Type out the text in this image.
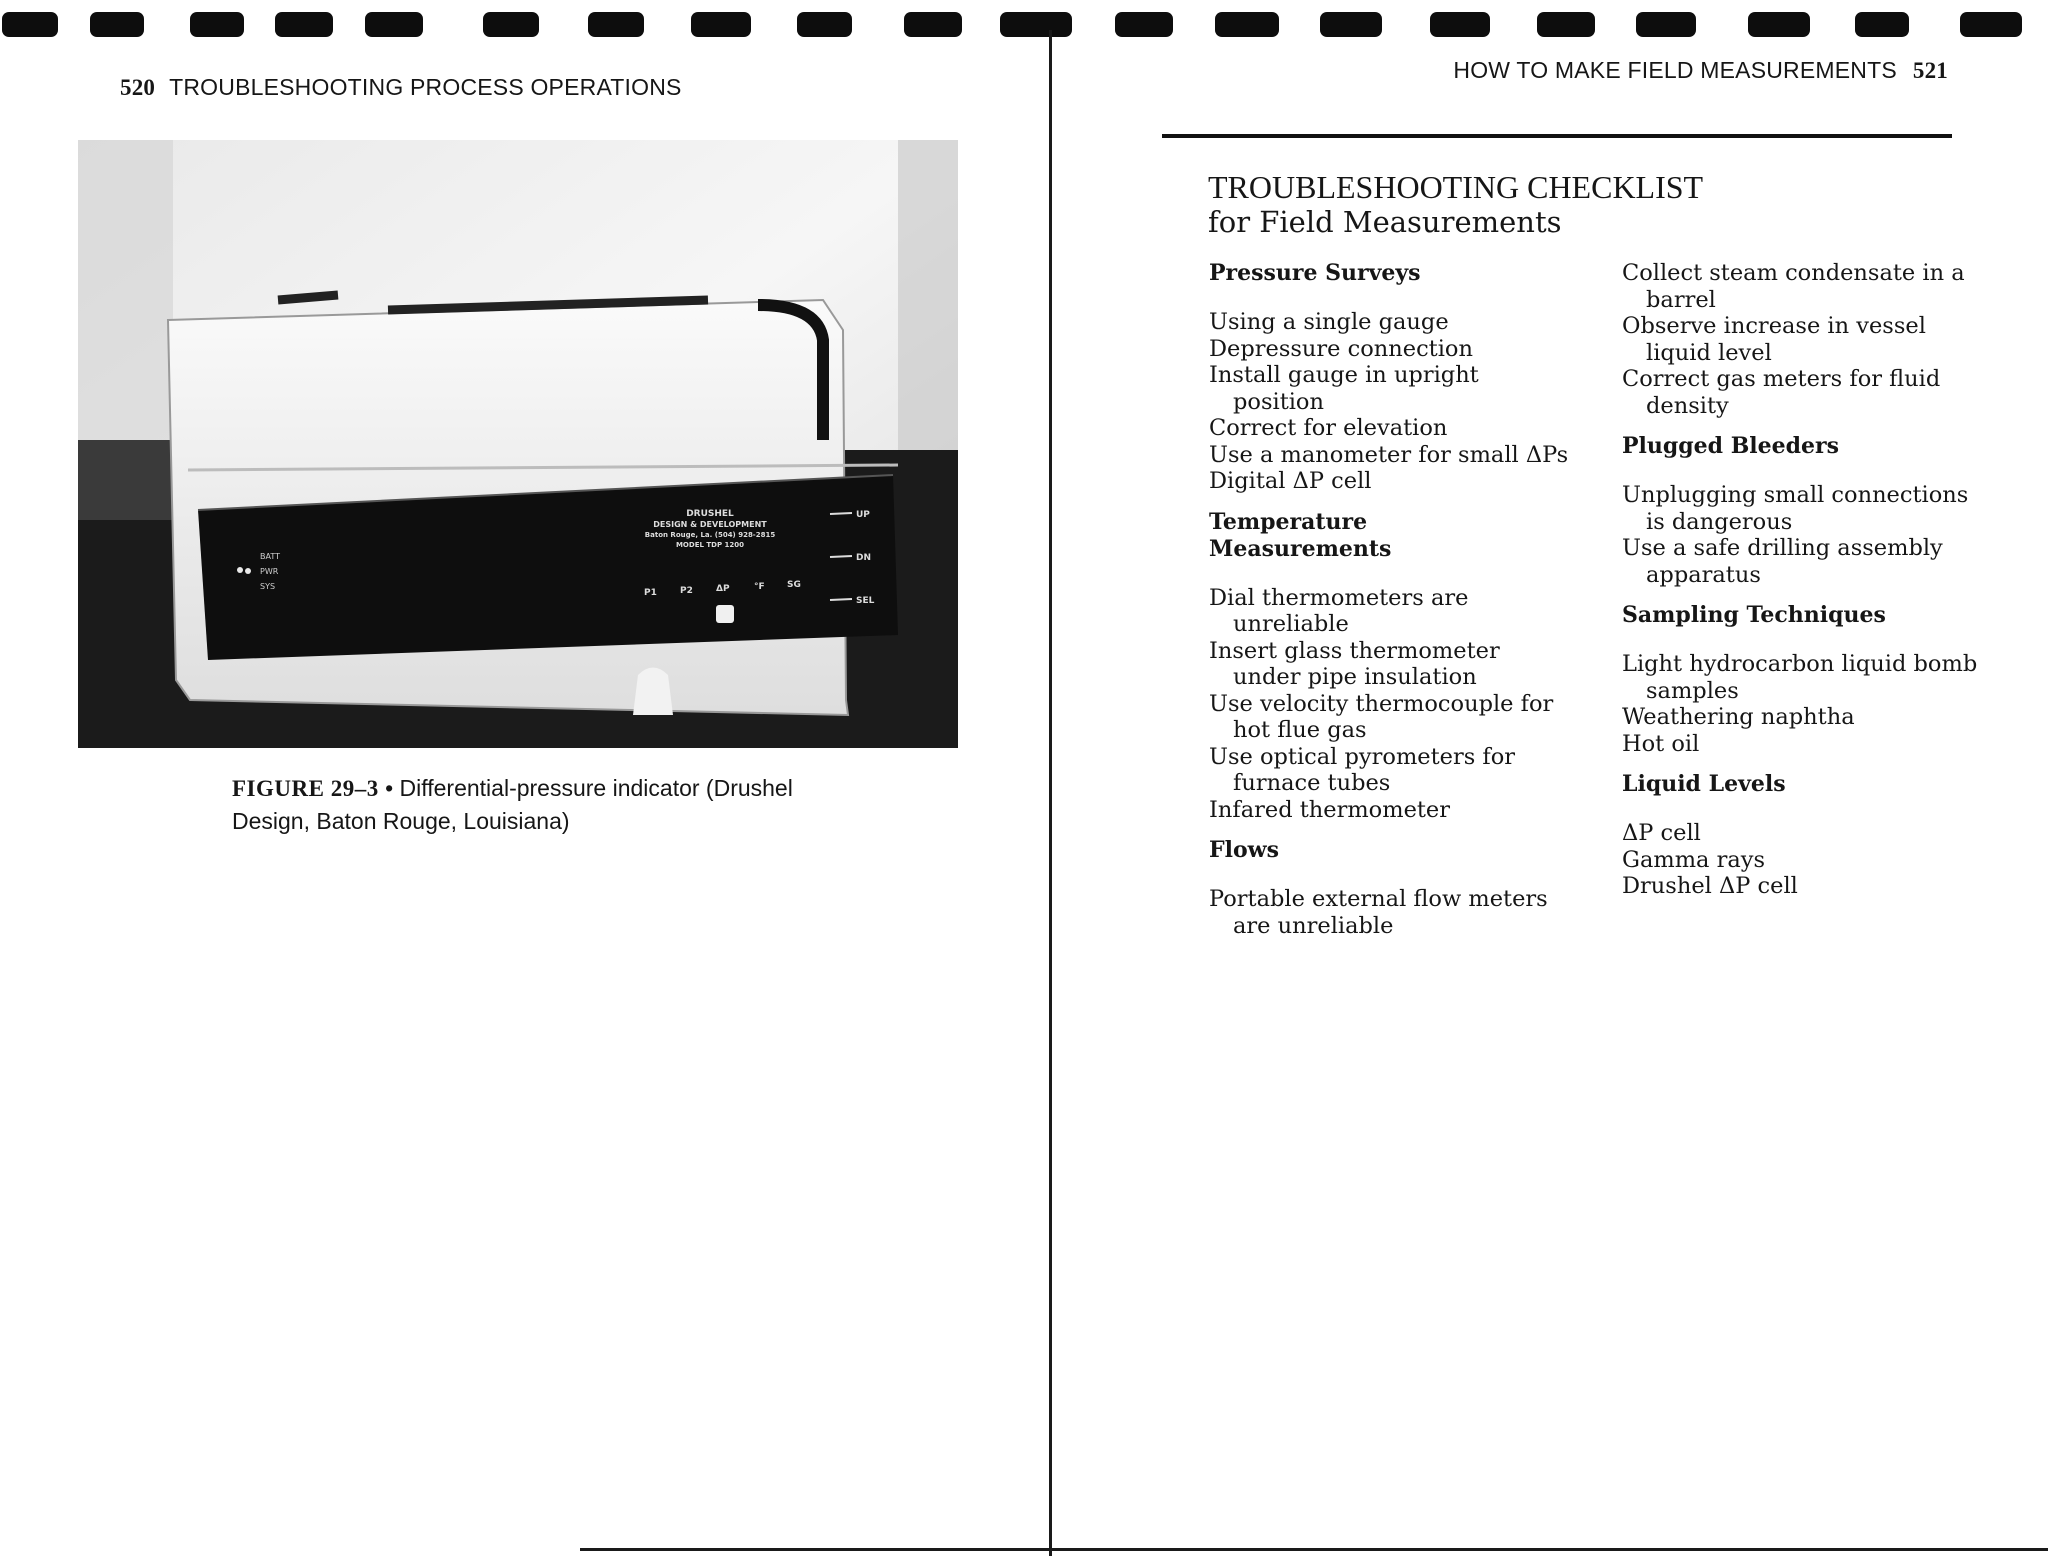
520 TROUBLESHOOTING PROCESS OPERATIONS
DRUSHEL
DESIGN & DEVELOPMENT
Baton Rouge, La. (504) 928-2815
MODEL TDP 1200
BATT
PWR
SYS
P1	P2	ΔP	°F SG
UP
DN
SEL
FIGURE 29–3 • Differential-pressure indicator (Drushel Design, Baton Rouge, Louisiana)
HOW TO MAKE FIELD MEASUREMENTS 521
TROUBLESHOOTING CHECKLIST
for Field Measurements
Pressure Surveys
Using a single gauge
Depressure connection
Install gauge in upright position
Correct for elevation
Use a manometer for small ΔPs
Digital ΔP cell
Temperature Measurements
Dial thermometers are unreliable
Insert glass thermometer under pipe insulation
Use velocity thermocouple for hot flue gas
Use optical pyrometers for furnace tubes
Infared thermometer
Flows
Portable external flow meters are unreliable
Collect steam condensate in a barrel
Observe increase in vessel liquid level
Correct gas meters for fluid density
Plugged Bleeders
Unplugging small connections is dangerous
Use a safe drilling assembly apparatus
Sampling Techniques
Light hydrocarbon liquid bomb samples
Weathering naphtha
Hot oil
Liquid Levels
ΔP cell
Gamma rays
Drushel ΔP cell
